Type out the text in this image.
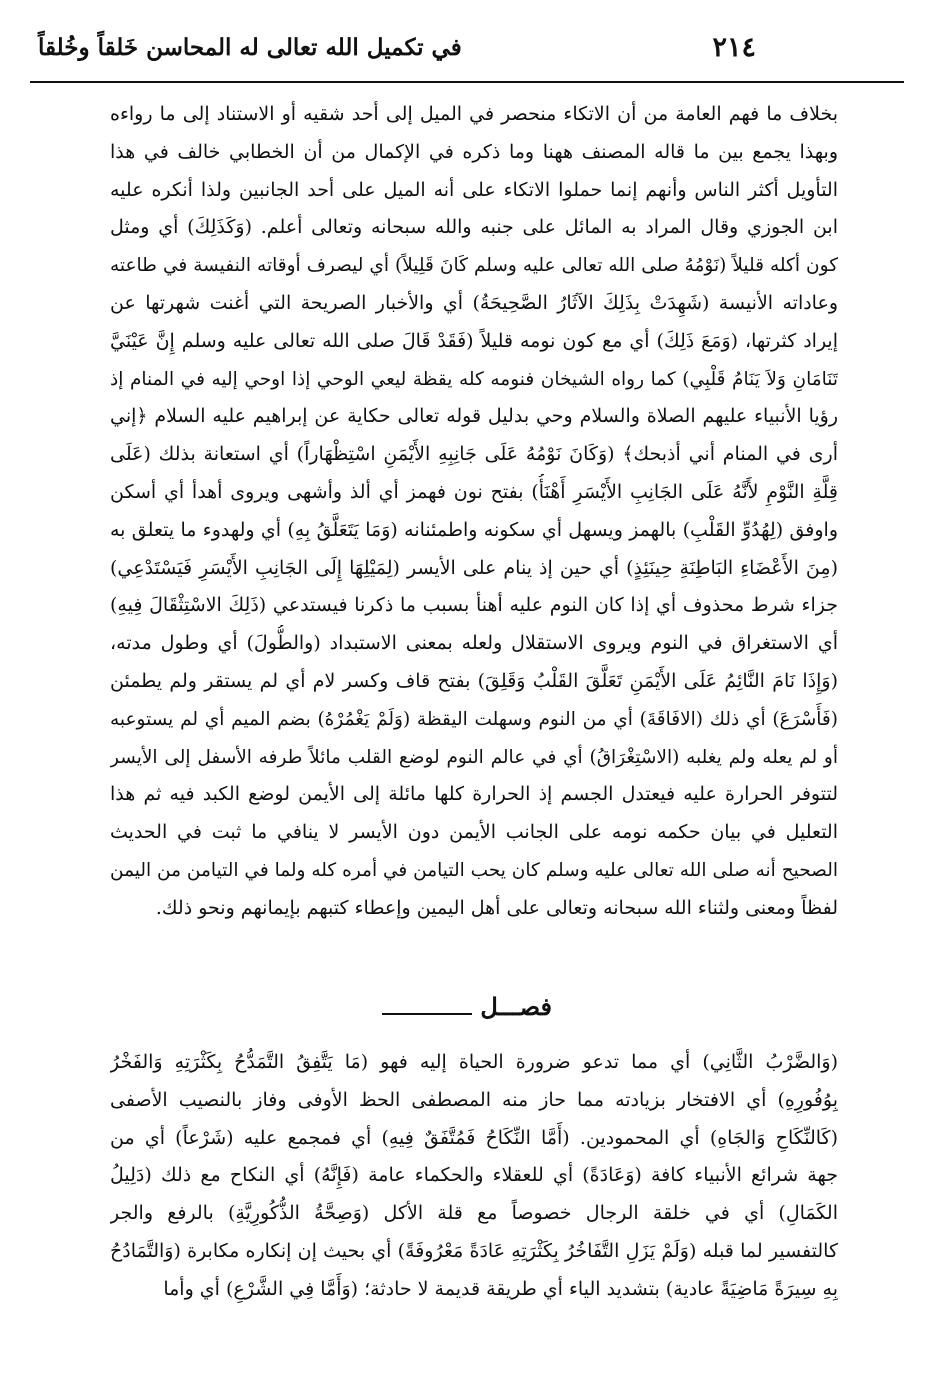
٢١٤
في تكميل الله تعالى له المحاسن خَلقاً وخُلقاً
بخلاف ما فهم العامة من أن الاتكاء منحصر في الميل إلى أحد شقيه أو الاستناد إلى ما رواءه
وبهذا يجمع بين ما قاله المصنف ههنا وما ذكره في الإكمال من أن الخطابي خالف في هذا
التأويل أكثر الناس وأنهم إنما حملوا الاتكاء على أنه الميل على أحد الجانبين ولذا أنكره عليه
ابن الجوزي وقال المراد به المائل على جنبه والله سبحانه وتعالى أعلم. (وَكَذَلِكَ) أي ومثل
كون أكله قليلاً (نَوْمُهُ صلى الله تعالى عليه وسلم كَانَ قَلِيلاً) أي ليصرف أوقاته النفيسة في طاعته
وعاداته الأنيسة (شَهِدَتْ بِذَلِكَ الآثَارُ الصَّحِيحَةُ) أي والأخبار الصريحة التي أغنت شهرتها عن
إيراد كثرتها، (وَمَعَ ذَلِكَ) أي مع كون نومه قليلاً (فَقَدْ قَالَ صلى الله تعالى عليه وسلم إِنَّ عَيْنَيَّ
تَنَامَانِ وَلاَ يَنَامُ قَلْبِي) كما رواه الشيخان فنومه كله يقظة ليعي الوحي إذا اوحي إليه في المنام إذ
رؤيا الأنبياء عليهم الصلاة والسلام وحي بدليل قوله تعالى حكاية عن إبراهيم عليه السلام ﴿إني
أرى في المنام أني أذبحك﴾ (وَكَانَ نَوْمُهُ عَلَى جَانِبِهِ الأَيْمَنِ اسْتِظْهَاراً) أي استعانة بذلك (عَلَى
قِلَّةِ النَّوْمِ لأَنَّهُ عَلَى الجَانِبِ الأَيْسَرِ أَهْنَأُ) بفتح نون فهمز أي ألذ وأشهى ويروى أهدأ أي أسكن
واوفق (لِهُدُوِّ القَلْبِ) بالهمز ويسهل أي سكونه واطمئنانه (وَمَا يَتَعَلَّقُ بِهِ) أي ولهدوء ما يتعلق به
(مِنَ الأَعْضَاءِ البَاطِنَةِ حِينَئِذٍ) أي حين إذ ينام على الأيسر (لِمَيْلِهَا إِلَى الجَانِبِ الأَيْسَرِ فَيَسْتَدْعِي)
جزاء شرط محذوف أي إذا كان النوم عليه أهنأ بسبب ما ذكرنا فيستدعي (ذَلِكَ الاسْتِثْقَالَ فِيهِ)
أي الاستغراق في النوم ويروى الاستقلال ولعله بمعنى الاستبداد (والطُّولَ) أي وطول مدته،
(وَإِذَا نَامَ النَّائِمُ عَلَى الأَيْمَنِ تَعَلَّقَ القَلْبُ وَقَلِقَ) بفتح قاف وكسر لام أي لم يستقر ولم يطمئن
(فَأَسْرَعَ) أي ذلك (الافَاقَةَ) أي من النوم وسهلت اليقظة (وَلَمْ يَغْمُرْهُ) بضم الميم أي لم يستوعبه
أو لم يعله ولم يغلبه (الاسْتِغْرَاقُ) أي في عالم النوم لوضع القلب مائلاً طرفه الأسفل إلى الأيسر
لتتوفر الحرارة عليه فيعتدل الجسم إذ الحرارة كلها مائلة إلى الأيمن لوضع الكبد فيه ثم هذا
التعليل في بيان حكمه نومه على الجانب الأيمن دون الأيسر لا ينافي ما ثبت في الحديث
الصحيح أنه صلى الله تعالى عليه وسلم كان يحب التيامن في أمره كله ولما في التيامن من اليمن
لفظاً ومعنى ولثناء الله سبحانه وتعالى على أهل اليمين وإعطاء كتبهم بإيمانهم ونحو ذلك.
فصـــل
(وَالضَّرْبُ الثَّانِي) أي مما تدعو ضرورة الحياة إليه فهو (مَا يَتَّفِقُ التَّمَدُّحُ بِكَثْرَتِهِ وَالفَخْرُ
بِوُفُورِهِ) أي الافتخار بزيادته مما حاز منه المصطفى الحظ الأوفى وفاز بالنصيب الأصفى
(كَالنِّكَاحِ وَالجَاهِ) أي المحمودين. (أَمَّا النِّكَاحُ فَمُتَّفَقٌ فِيهِ) أي فمجمع عليه (شَرْعاً) أي من
جهة شرائع الأنبياء كافة (وَعَادَةً) أي للعقلاء والحكماء عامة (فَإِنَّهُ) أي النكاح مع ذلك (دَلِيلُ
الكَمَالِ) أي في خلقة الرجال خصوصاً مع قلة الأكل (وَصِحَّةُ الذُّكُورِيَّةِ) بالرفع والجر
كالتفسير لما قبله (وَلَمْ يَزَلِ التَّفَاخُرُ بِكَثْرَتِهِ عَادَةً مَعْرُوفَةً) أي بحيث إن إنكاره مكابرة (وَالتَّمَادُحُ
بِهِ سِيرَةً مَاضِيَةً عادية) بتشديد الياء أي طريقة قديمة لا حادثة؛ (وَأَمَّا فِي الشَّرْعِ) أي وأما
